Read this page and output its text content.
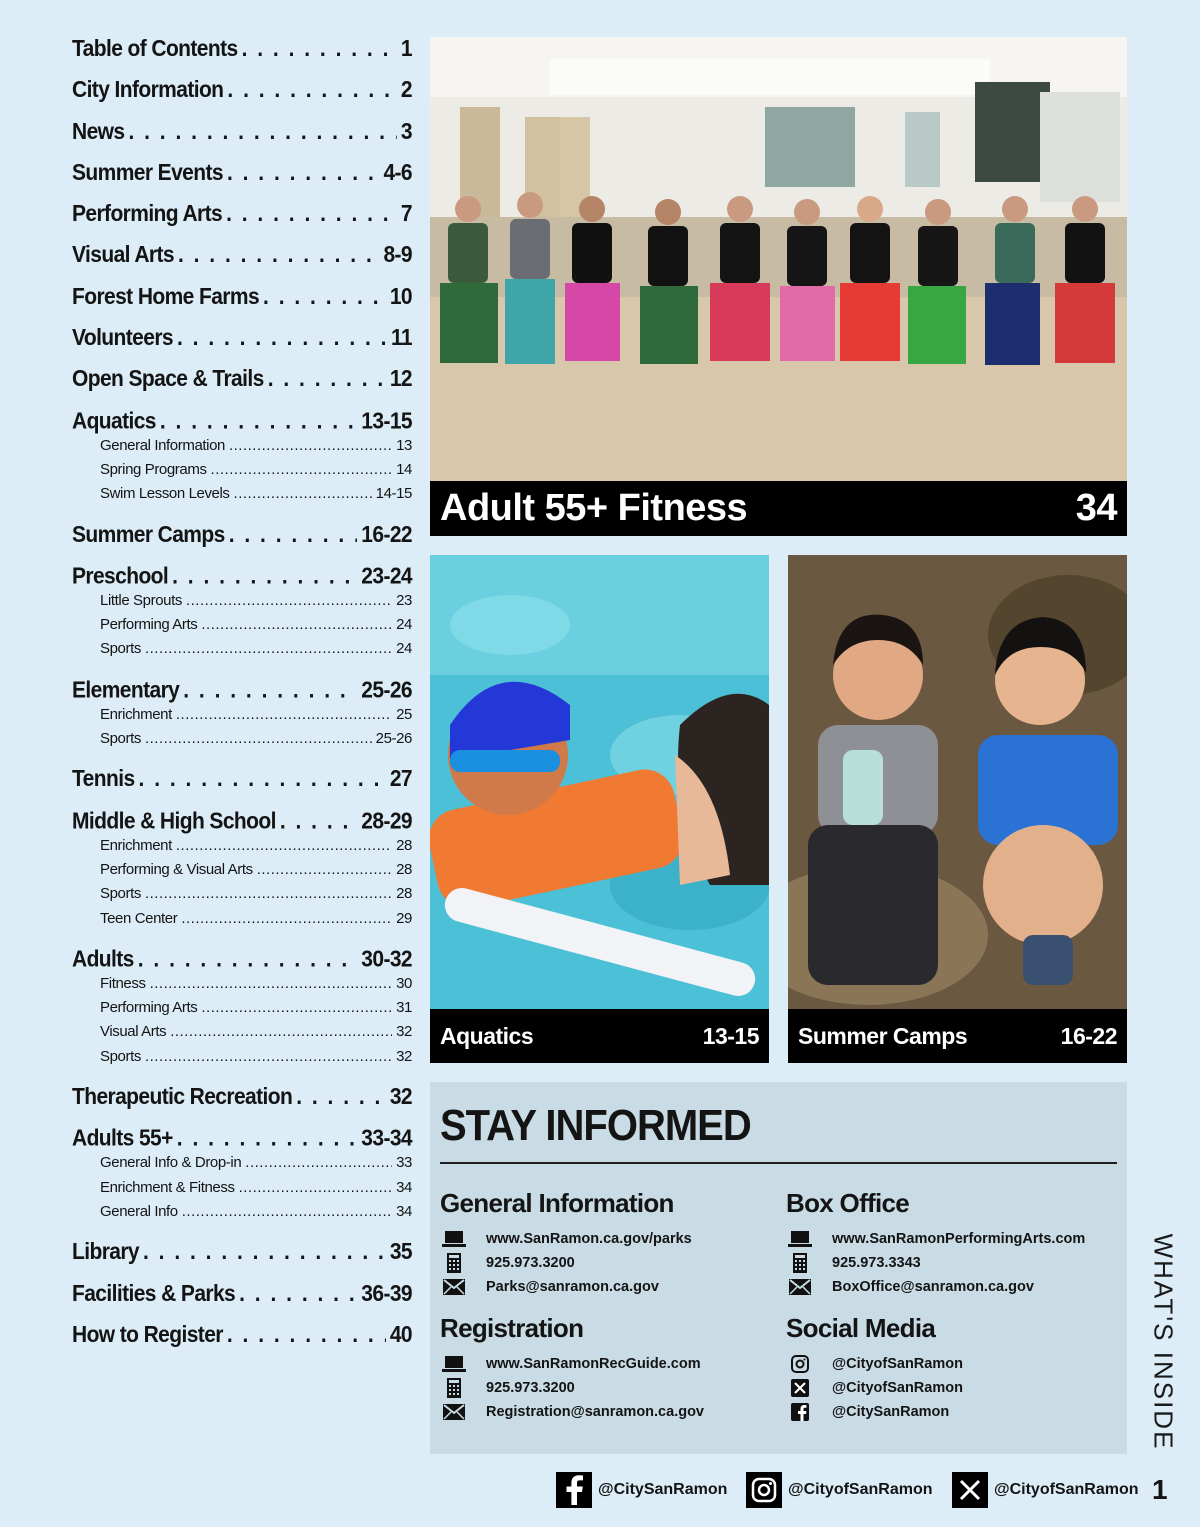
Table of Contents . . .	1
City Information . . .	2
News . . .	3
Summer Events . . .	4-6
Performing Arts . . .	7
Visual Arts . . .	8-9
Forest Home Farms . . .	10
Volunteers . . .	11
Open Space & Trails . . .	12
Aquatics . . .	13-15
General Information .....	13
Spring Programs .....	14
Swim Lesson Levels .....	14-15
Summer Camps . . .	16-22
Preschool . . .	23-24
Little Sprouts .....	23
Performing Arts .....	24
Sports .....	24
Elementary . . .	25-26
Enrichment .....	25
Sports .....	25-26
Tennis . . .	27
Middle & High School . . .	28-29
Enrichment .....	28
Performing & Visual Arts .....	28
Sports .....	28
Teen Center .....	29
Adults . . .	30-32
Fitness .....	30
Performing Arts .....	31
Visual Arts .....	32
Sports .....	32
Therapeutic Recreation . . .	32
Adults 55+ . . .	33-34
General Info & Drop-in .....	33
Enrichment & Fitness .....	34
General Info .....	34
Library . . .	35
Facilities & Parks . . .	36-39
How to Register . . .	40
Adult 55+ Fitness	34
Aquatics	13-15 Summer Camps	16-22
STAY INFORMED
General Information
www.SanRamon.ca.gov/parks
925.973.3200
Parks@sanramon.ca.gov
Box Office
www.SanRamonPerformingArts.com
925.973.3343
BoxOffice@sanramon.ca.gov
Registration
www.SanRamonRecGuide.com
925.973.3200
Registration@sanramon.ca.gov
Social Media
@CityofSanRamon
@CityofSanRamon
@CitySanRamon	WHAT'S INSIDE
@CitySanRamon	@CityofSanRamon	@CityofSanRamon 1
